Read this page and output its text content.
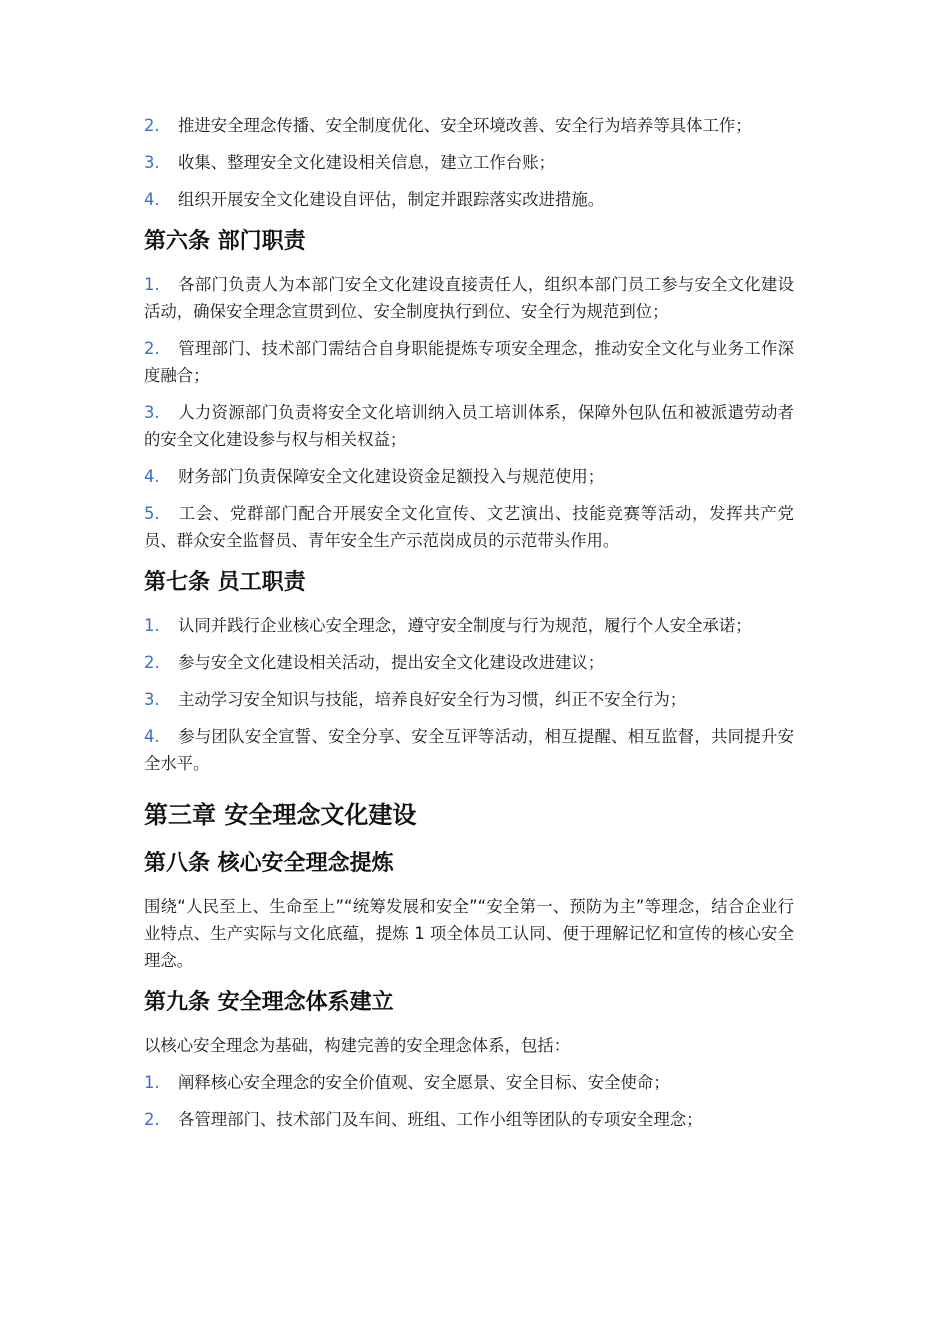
2. 推进安全理念传播、安全制度优化、安全环境改善、安全行为培养等具体工作；
3. 收集、整理安全文化建设相关信息，建立工作台账；
4. 组织开展安全文化建设自评估，制定并跟踪落实改进措施。
第六条 部门职责
1. 各部门负责人为本部门安全文化建设直接责任人，组织本部门员工参与安全文化建设活动，确保安全理念宣贯到位、安全制度执行到位、安全行为规范到位；
2. 管理部门、技术部门需结合自身职能提炼专项安全理念，推动安全文化与业务工作深度融合；
3. 人力资源部门负责将安全文化培训纳入员工培训体系，保障外包队伍和被派遣劳动者的安全文化建设参与权与相关权益；
4. 财务部门负责保障安全文化建设资金足额投入与规范使用；
5. 工会、党群部门配合开展安全文化宣传、文艺演出、技能竞赛等活动，发挥共产党员、群众安全监督员、青年安全生产示范岗成员的示范带头作用。
第七条 员工职责
1. 认同并践行企业核心安全理念，遵守安全制度与行为规范，履行个人安全承诺；
2. 参与安全文化建设相关活动，提出安全文化建设改进建议；
3. 主动学习安全知识与技能，培养良好安全行为习惯，纠正不安全行为；
4. 参与团队安全宣誓、安全分享、安全互评等活动，相互提醒、相互监督，共同提升安全水平。
第三章 安全理念文化建设
第八条 核心安全理念提炼

围绕“人民至上、生命至上”“统筹发展和安全”“安全第一、预防为主”等理念，结合企业行业特点、生产实际与文化底蕴，提炼 1 项全体员工认同、便于理解记忆和宣传的核心安全理念。

第九条 安全理念体系建立

以核心安全理念为基础，构建完善的安全理念体系，包括：

1. 阐释核心安全理念的安全价值观、安全愿景、安全目标、安全使命；
2. 各管理部门、技术部门及车间、班组、工作小组等团队的专项安全理念；
